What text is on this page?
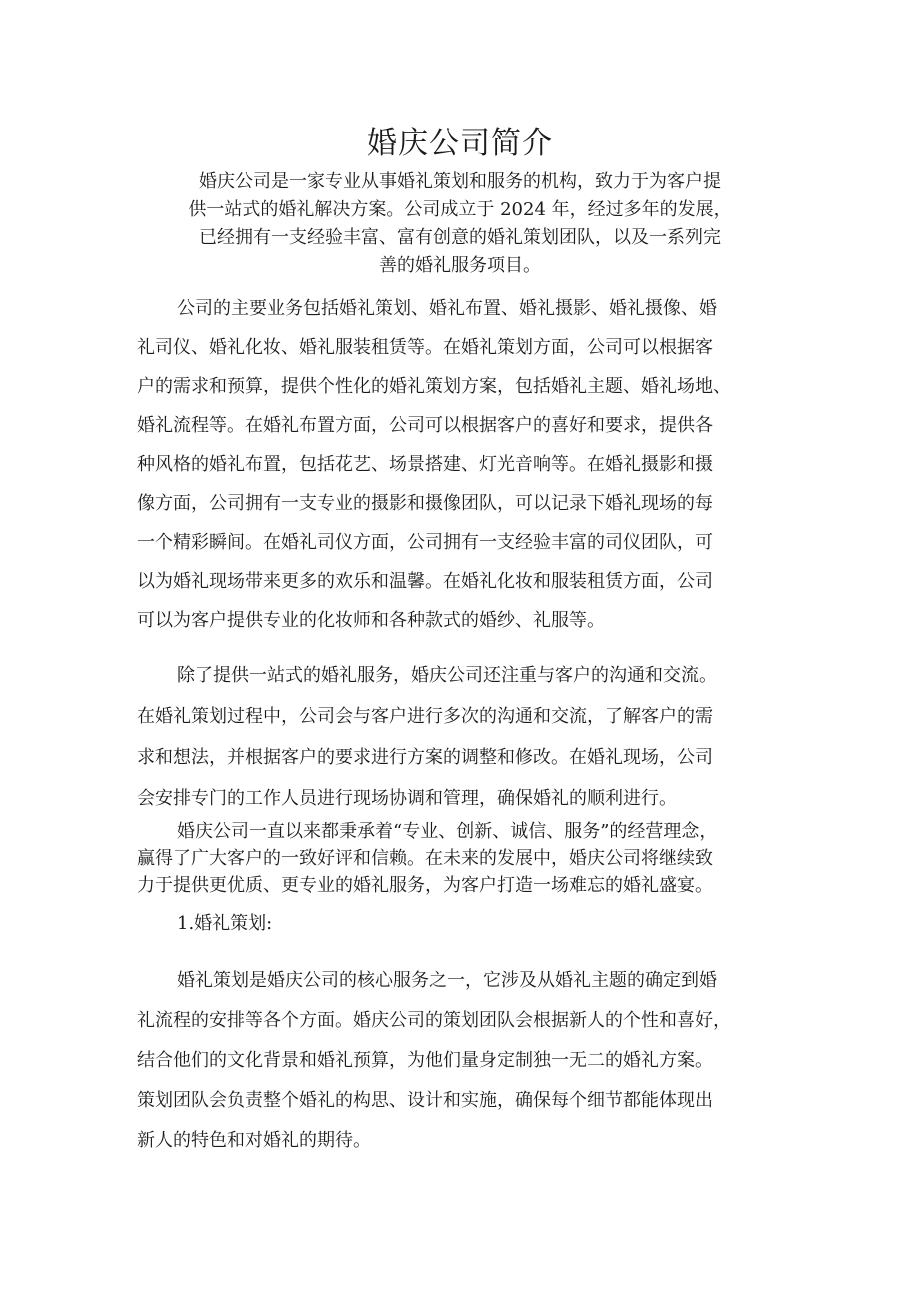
婚庆公司简介
婚庆公司是一家专业从事婚礼策划和服务的机构，致力于为客户提
供一站式的婚礼解决方案。公司成立于 2024 年，经过多年的发展，
已经拥有一支经验丰富、富有创意的婚礼策划团队，以及一系列完
善的婚礼服务项目。
公司的主要业务包括婚礼策划、婚礼布置、婚礼摄影、婚礼摄像、婚
礼司仪、婚礼化妆、婚礼服装租赁等。在婚礼策划方面，公司可以根据客
户的需求和预算，提供个性化的婚礼策划方案，包括婚礼主题、婚礼场地、
婚礼流程等。在婚礼布置方面，公司可以根据客户的喜好和要求，提供各
种风格的婚礼布置，包括花艺、场景搭建、灯光音响等。在婚礼摄影和摄
像方面，公司拥有一支专业的摄影和摄像团队，可以记录下婚礼现场的每
一个精彩瞬间。在婚礼司仪方面，公司拥有一支经验丰富的司仪团队，可
以为婚礼现场带来更多的欢乐和温馨。在婚礼化妆和服装租赁方面，公司
可以为客户提供专业的化妆师和各种款式的婚纱、礼服等。
除了提供一站式的婚礼服务，婚庆公司还注重与客户的沟通和交流。
在婚礼策划过程中，公司会与客户进行多次的沟通和交流，了解客户的需
求和想法，并根据客户的要求进行方案的调整和修改。在婚礼现场，公司
会安排专门的工作人员进行现场协调和管理，确保婚礼的顺利进行。
婚庆公司一直以来都秉承着“专业、创新、诚信、服务”的经营理念，
赢得了广大客户的一致好评和信赖。在未来的发展中，婚庆公司将继续致
力于提供更优质、更专业的婚礼服务，为客户打造一场难忘的婚礼盛宴。
1.婚礼策划:
婚礼策划是婚庆公司的核心服务之一，它涉及从婚礼主题的确定到婚
礼流程的安排等各个方面。婚庆公司的策划团队会根据新人的个性和喜好，
结合他们的文化背景和婚礼预算，为他们量身定制独一无二的婚礼方案。
策划团队会负责整个婚礼的构思、设计和实施，确保每个细节都能体现出
新人的特色和对婚礼的期待。
